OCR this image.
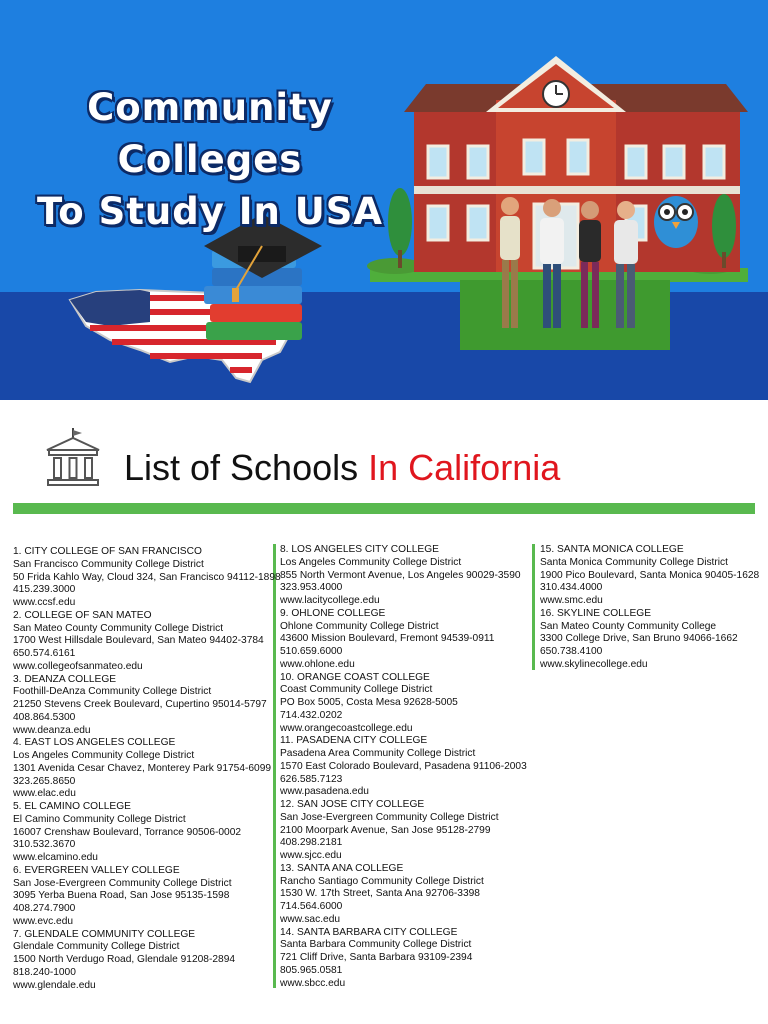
Community Colleges
To Study In USA
List of Schools In California
1. CITY COLLEGE OF SAN FRANCISCO
San Francisco Community College District
50 Frida Kahlo Way, Cloud 324, San Francisco 94112-1898
415.239.3000
www.ccsf.edu
2. COLLEGE OF SAN MATEO
San Mateo County Community College District
1700 West Hillsdale Boulevard, San Mateo 94402-3784
650.574.6161
www.collegeofsanmateo.edu
3. DEANZA COLLEGE
Foothill-DeAnza Community College District
21250 Stevens Creek Boulevard, Cupertino 95014-5797
408.864.5300
www.deanza.edu
4. EAST LOS ANGELES COLLEGE
Los Angeles Community College District
1301 Avenida Cesar Chavez, Monterey Park 91754-6099
323.265.8650
www.elac.edu
5. EL CAMINO COLLEGE
El Camino Community College District
16007 Crenshaw Boulevard, Torrance 90506-0002
310.532.3670
www.elcamino.edu
6. EVERGREEN VALLEY COLLEGE
San Jose-Evergreen Community College District
3095 Yerba Buena Road, San Jose 95135-1598
408.274.7900
www.evc.edu
7. GLENDALE COMMUNITY COLLEGE
Glendale Community College District
1500 North Verdugo Road, Glendale 91208-2894
818.240-1000
www.glendale.edu
8. LOS ANGELES CITY COLLEGE
Los Angeles Community College District
855 North Vermont Avenue, Los Angeles 90029-3590
323.953.4000
www.lacitycollege.edu
9. OHLONE COLLEGE
Ohlone Community College District
43600 Mission Boulevard, Fremont 94539-0911
510.659.6000
www.ohlone.edu
10. ORANGE COAST COLLEGE
Coast Community College District
PO Box 5005, Costa Mesa 92628-5005
714.432.0202
www.orangecoastcollege.edu
11. PASADENA CITY COLLEGE
Pasadena Area Community College District
1570 East Colorado Boulevard, Pasadena 91106-2003
626.585.7123
www.pasadena.edu
12. SAN JOSE CITY COLLEGE
San Jose-Evergreen Community College District
2100 Moorpark Avenue, San Jose 95128-2799
408.298.2181
www.sjcc.edu
13. SANTA ANA COLLEGE
Rancho Santiago Community College District
1530 W. 17th Street, Santa Ana 92706-3398
714.564.6000
www.sac.edu
14. SANTA BARBARA CITY COLLEGE
Santa Barbara Community College District
721 Cliff Drive, Santa Barbara 93109-2394
805.965.0581
www.sbcc.edu
15. SANTA MONICA COLLEGE
Santa Monica Community College District
1900 Pico Boulevard, Santa Monica 90405-1628
310.434.4000
www.smc.edu
16. SKYLINE COLLEGE
San Mateo County Community College
3300 College Drive, San Bruno 94066-1662
650.738.4100
www.skylinecollege.edu
